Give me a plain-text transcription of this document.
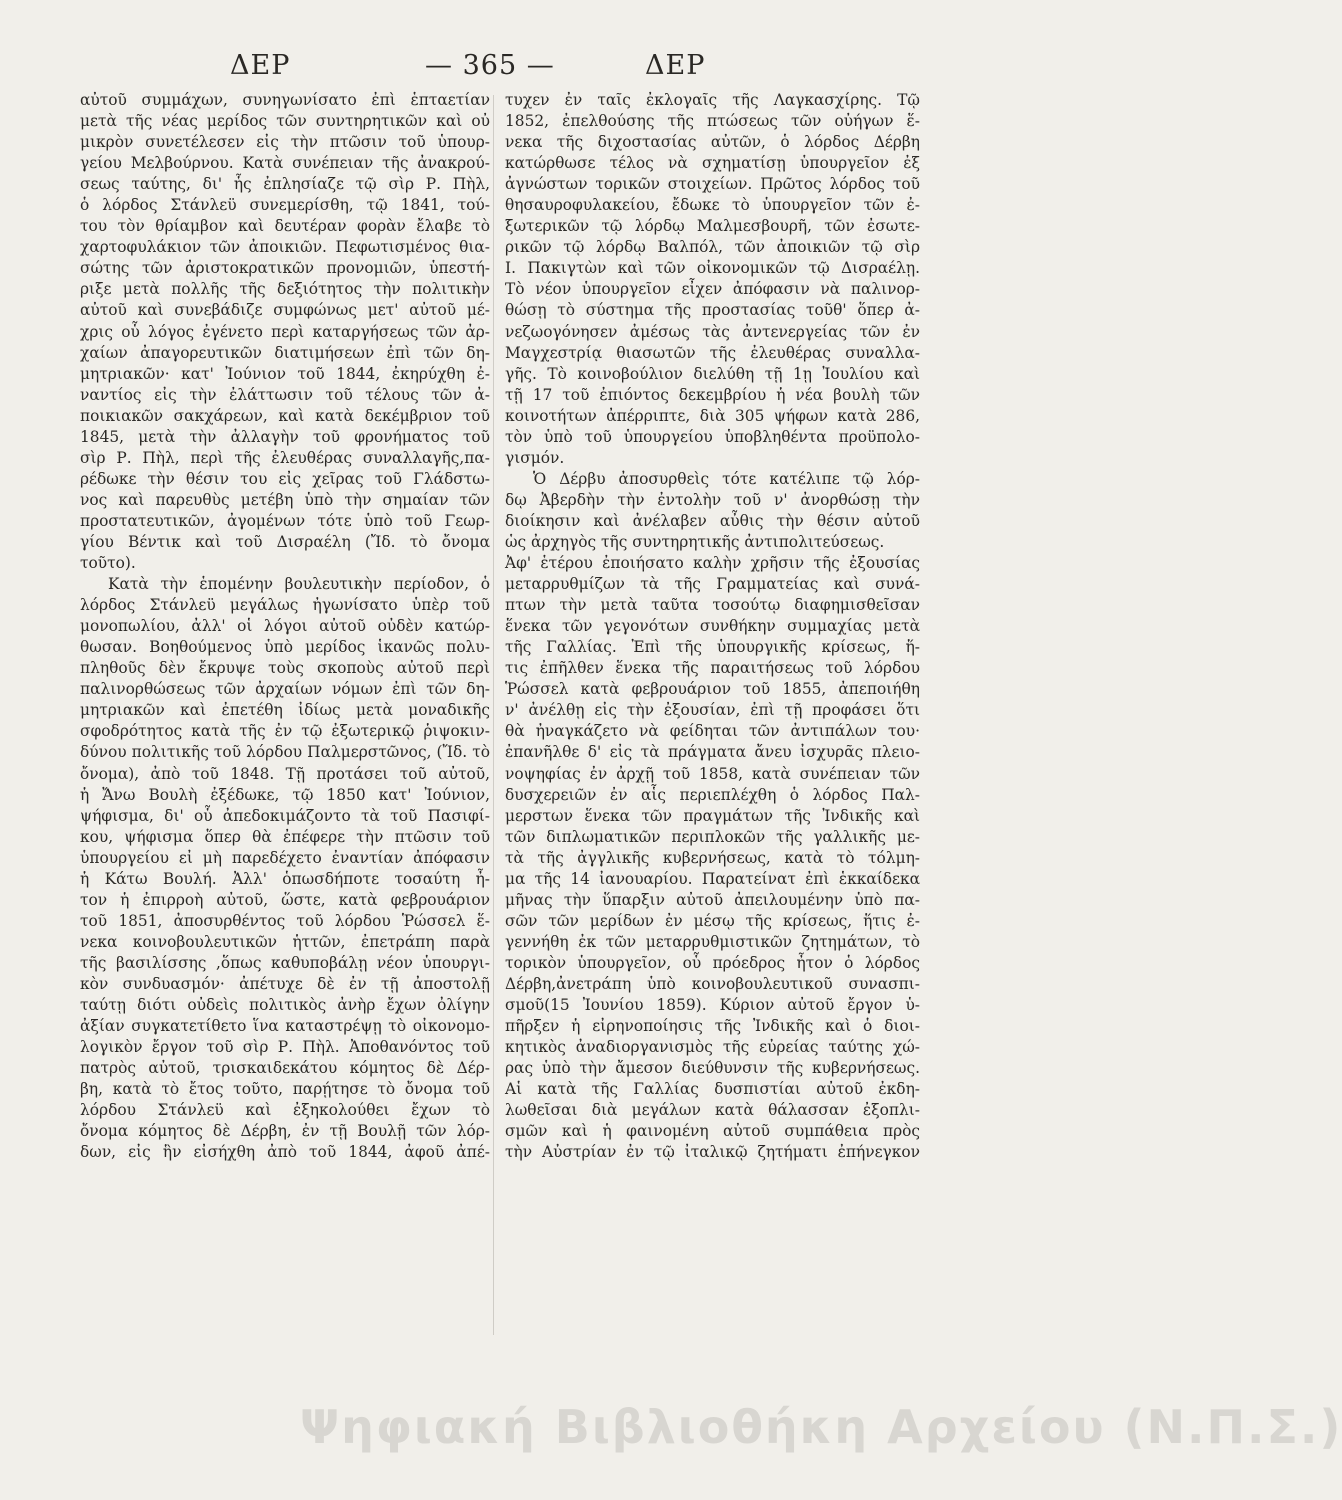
ΔΕΡ	— 365 —	ΔΕΡ
αὐτοῦ συμμάχων, συνηγωνίσατο ἐπὶ ἑπταετίαν
μετὰ τῆς νέας μερίδος τῶν συντηρητικῶν καὶ οὐ
μικρὸν συνετέλεσεν εἰς τὴν πτῶσιν τοῦ ὑπουρ-
γείου Μελβούρνου. Κατὰ συνέπειαν τῆς ἀνακρού-
σεως ταύτης, δι' ἧς ἐπλησίαζε τῷ σὶρ Ρ. Πὴλ,
ὁ λόρδος Στάνλεϋ συνεμερίσθη, τῷ 1841, τού-
του τὸν θρίαμβον καὶ δευτέραν φορὰν ἔλαβε τὸ
χαρτοφυλάκιον τῶν ἀποικιῶν. Πεφωτισμένος θια-
σώτης τῶν ἀριστοκρατικῶν προνομιῶν, ὑπεστή-
ριξε μετὰ πολλῆς τῆς δεξιότητος τὴν πολιτικὴν
αὐτοῦ καὶ συνεβάδιζε συμφώνως μετ' αὐτοῦ μέ-
χρις οὗ λόγος ἐγένετο περὶ καταργήσεως τῶν ἀρ-
χαίων ἀπαγορευτικῶν διατιμήσεων ἐπὶ τῶν δη-
μητριακῶν· κατ' Ἰούνιον τοῦ 1844, ἐκηρύχθη ἐ-
ναντίος εἰς τὴν ἐλάττωσιν τοῦ τέλους τῶν ἀ-
ποικιακῶν σακχάρεων, καὶ κατὰ δεκέμβριον τοῦ
1845, μετὰ τὴν ἀλλαγὴν τοῦ φρονήματος τοῦ
σὶρ Ρ. Πὴλ, περὶ τῆς ἐλευθέρας συναλλαγῆς,πα-
ρέδωκε τὴν θέσιν του εἰς χεῖρας τοῦ Γλάδστω-
νος καὶ παρευθὺς μετέβη ὑπὸ τὴν σημαίαν τῶν
προστατευτικῶν, ἀγομένων τότε ὑπὸ τοῦ Γεωρ-
γίου Βέντικ καὶ τοῦ Δισραέλη (Ἴδ. τὸ ὄνομα
τοῦτο).
Κατὰ τὴν ἑπομένην βουλευτικὴν περίοδον, ὁ
λόρδος Στάνλεϋ μεγάλως ἠγωνίσατο ὑπὲρ τοῦ
μονοπωλίου, ἀλλ' οἱ λόγοι αὐτοῦ οὐδὲν κατώρ-
θωσαν. Βοηθούμενος ὑπὸ μερίδος ἱκανῶς πολυ-
πληθοῦς δὲν ἔκρυψε τοὺς σκοποὺς αὐτοῦ περὶ
παλινορθώσεως τῶν ἀρχαίων νόμων ἐπὶ τῶν δη-
μητριακῶν καὶ ἐπετέθη ἰδίως μετὰ μοναδικῆς
σφοδρότητος κατὰ τῆς ἐν τῷ ἐξωτερικῷ ῥιψοκιν-
δύνου πολιτικῆς τοῦ λόρδου Παλμερστῶνος, (Ἴδ. τὸ
ὄνομα), ἀπὸ τοῦ 1848. Τῇ προτάσει τοῦ αὐτοῦ,
ἡ Ἄνω Βουλὴ ἐξέδωκε, τῷ 1850 κατ' Ἰούνιον,
ψήφισμα, δι' οὗ ἀπεδοκιμάζοντο τὰ τοῦ Πασιφί-
κου, ψήφισμα ὅπερ θὰ ἐπέφερε τὴν πτῶσιν τοῦ
ὑπουργείου εἰ μὴ παρεδέχετο ἐναντίαν ἀπόφασιν
ἡ Κάτω Βουλή. Ἀλλ' ὁπωσδήποτε τοσαύτη ἦ-
τον ἡ ἐπιρροὴ αὐτοῦ, ὥστε, κατὰ φεβρουάριον
τοῦ 1851, ἀποσυρθέντος τοῦ λόρδου Ῥώσσελ ἕ-
νεκα κοινοβουλευτικῶν ἡττῶν, ἐπετράπη παρὰ
τῆς βασιλίσσης ,ὅπως καθυποβάλῃ νέον ὑπουργι-
κὸν συνδυασμόν· ἀπέτυχε δὲ ἐν τῇ ἀποστολῇ
ταύτῃ διότι οὐδεὶς πολιτικὸς ἀνὴρ ἔχων ὀλίγην
ἀξίαν συγκατετίθετο ἵνα καταστρέψῃ τὸ οἰκονομο-
λογικὸν ἔργον τοῦ σὶρ Ρ. Πὴλ. Ἀποθανόντος τοῦ
πατρὸς αὐτοῦ, τρισκαιδεκάτου κόμητος δὲ Δέρ-
βη, κατὰ τὸ ἔτος τοῦτο, παρῄτησε τὸ ὄνομα τοῦ
λόρδου Στάνλεϋ καὶ ἐξηκολούθει ἔχων τὸ
ὄνομα κόμητος δὲ Δέρβη, ἐν τῇ Βουλῇ τῶν λόρ-
δων, εἰς ἣν εἰσήχθη ἀπὸ τοῦ 1844, ἀφοῦ ἀπέ-
τυχεν ἐν ταῖς ἐκλογαῖς τῆς Λαγκασχίρης. Τῷ
1852, ἐπελθούσης τῆς πτώσεως τῶν οὐήγων ἕ-
νεκα τῆς διχοστασίας αὐτῶν, ὁ λόρδος Δέρβη
κατώρθωσε τέλος νὰ σχηματίσῃ ὑπουργεῖον ἐξ
ἀγνώστων τορικῶν στοιχείων. Πρῶτος λόρδος τοῦ
θησαυροφυλακείου, ἔδωκε τὸ ὑπουργεῖον τῶν ἐ-
ξωτερικῶν τῷ λόρδῳ Μαλμεσβουρῆ, τῶν ἐσωτε-
ρικῶν τῷ λόρδῳ Βαλπόλ, τῶν ἀποικιῶν τῷ σὶρ
Ι. Πακιγτὼν καὶ τῶν οἰκονομικῶν τῷ Δισραέλῃ.
Τὸ νέον ὑπουργεῖον εἶχεν ἀπόφασιν νὰ παλινορ-
θώσῃ τὸ σύστημα τῆς προστασίας τοῦθ' ὅπερ ἀ-
νεζωογόνησεν ἀμέσως τὰς ἀντενεργείας τῶν ἐν
Μαγχεστρίᾳ θιασωτῶν τῆς ἐλευθέρας συναλλα-
γῆς. Τὸ κοινοβούλιον διελύθη τῇ 1ῃ Ἰουλίου καὶ
τῇ 17 τοῦ ἐπιόντος δεκεμβρίου ἡ νέα βουλὴ τῶν
κοινοτήτων ἀπέρριπτε, διὰ 305 ψήφων κατὰ 286,
τὸν ὑπὸ τοῦ ὑπουργείου ὑποβληθέντα προϋπολο-
γισμόν.
Ὁ Δέρβυ ἀποσυρθεὶς τότε κατέλιπε τῷ λόρ-
δῳ Ἀβερδὴν τὴν ἐντολὴν τοῦ ν' ἀνορθώσῃ τὴν
διοίκησιν καὶ ἀνέλαβεν αὖθις τὴν θέσιν αὐτοῦ
ὡς ἀρχηγὸς τῆς συντηρητικῆς ἀντιπολιτεύσεως.
Ἀφ' ἑτέρου ἐποιήσατο καλὴν χρῆσιν τῆς ἐξουσίας
μεταρρυθμίζων τὰ τῆς Γραμματείας καὶ συνά-
πτων τὴν μετὰ ταῦτα τοσούτῳ διαφημισθεῖσαν
ἕνεκα τῶν γεγονότων συνθήκην συμμαχίας μετὰ
τῆς Γαλλίας. Ἐπὶ τῆς ὑπουργικῆς κρίσεως, ἥ-
τις ἐπῆλθεν ἕνεκα τῆς παραιτήσεως τοῦ λόρδου
Ῥώσσελ κατὰ φεβρουάριον τοῦ 1855, ἀπεποιήθη
ν' ἀνέλθῃ εἰς τὴν ἐξουσίαν, ἐπὶ τῇ προφάσει ὅτι
θὰ ἠναγκάζετο νὰ φείδηται τῶν ἀντιπάλων του·
ἐπανῆλθε δ' εἰς τὰ πράγματα ἄνευ ἰσχυρᾶς πλειο-
νοψηφίας ἐν ἀρχῇ τοῦ 1858, κατὰ συνέπειαν τῶν
δυσχερειῶν ἐν αἷς περιεπλέχθη ὁ λόρδος Παλ-
μερστων ἕνεκα τῶν πραγμάτων τῆς Ἰνδικῆς καὶ
τῶν διπλωματικῶν περιπλοκῶν τῆς γαλλικῆς με-
τὰ τῆς ἀγγλικῆς κυβερνήσεως, κατὰ τὸ τόλμη-
μα τῆς 14 ἰανουαρίου. Παρατείνατ ἐπὶ ἑκκαίδεκα
μῆνας τὴν ὕπαρξιν αὐτοῦ ἀπειλουμένην ὑπὸ πα-
σῶν τῶν μερίδων ἐν μέσῳ τῆς κρίσεως, ἥτις ἐ-
γεννήθη ἐκ τῶν μεταρρυθμιστικῶν ζητημάτων, τὸ
τορικὸν ὑπουργεῖον, οὗ πρόεδρος ἦτον ὁ λόρδος
Δέρβη,ἀνετράπη ὑπὸ κοινοβουλευτικοῦ συνασπι-
σμοῦ(15 Ἰουνίου 1859). Κύριον αὐτοῦ ἔργον ὑ-
πῆρξεν ἡ εἰρηνοποίησις τῆς Ἰνδικῆς καὶ ὁ διοι-
κητικὸς ἀναδιοργανισμὸς τῆς εὐρείας ταύτης χώ-
ρας ὑπὸ τὴν ἄμεσον διεύθυνσιν τῆς κυβερνήσεως.
Αἱ κατὰ τῆς Γαλλίας δυσπιστίαι αὐτοῦ ἐκδη-
λωθεῖσαι διὰ μεγάλων κατὰ θάλασσαν ἐξοπλι-
σμῶν καὶ ἡ φαινομένη αὐτοῦ συμπάθεια πρὸς
τὴν Αὐστρίαν ἐν τῷ ἰταλικῷ ζητήματι ἐπήνεγκον
Ψηφιακή Βιβλιοθήκη Αρχείου (Ν.Π.Σ.)
